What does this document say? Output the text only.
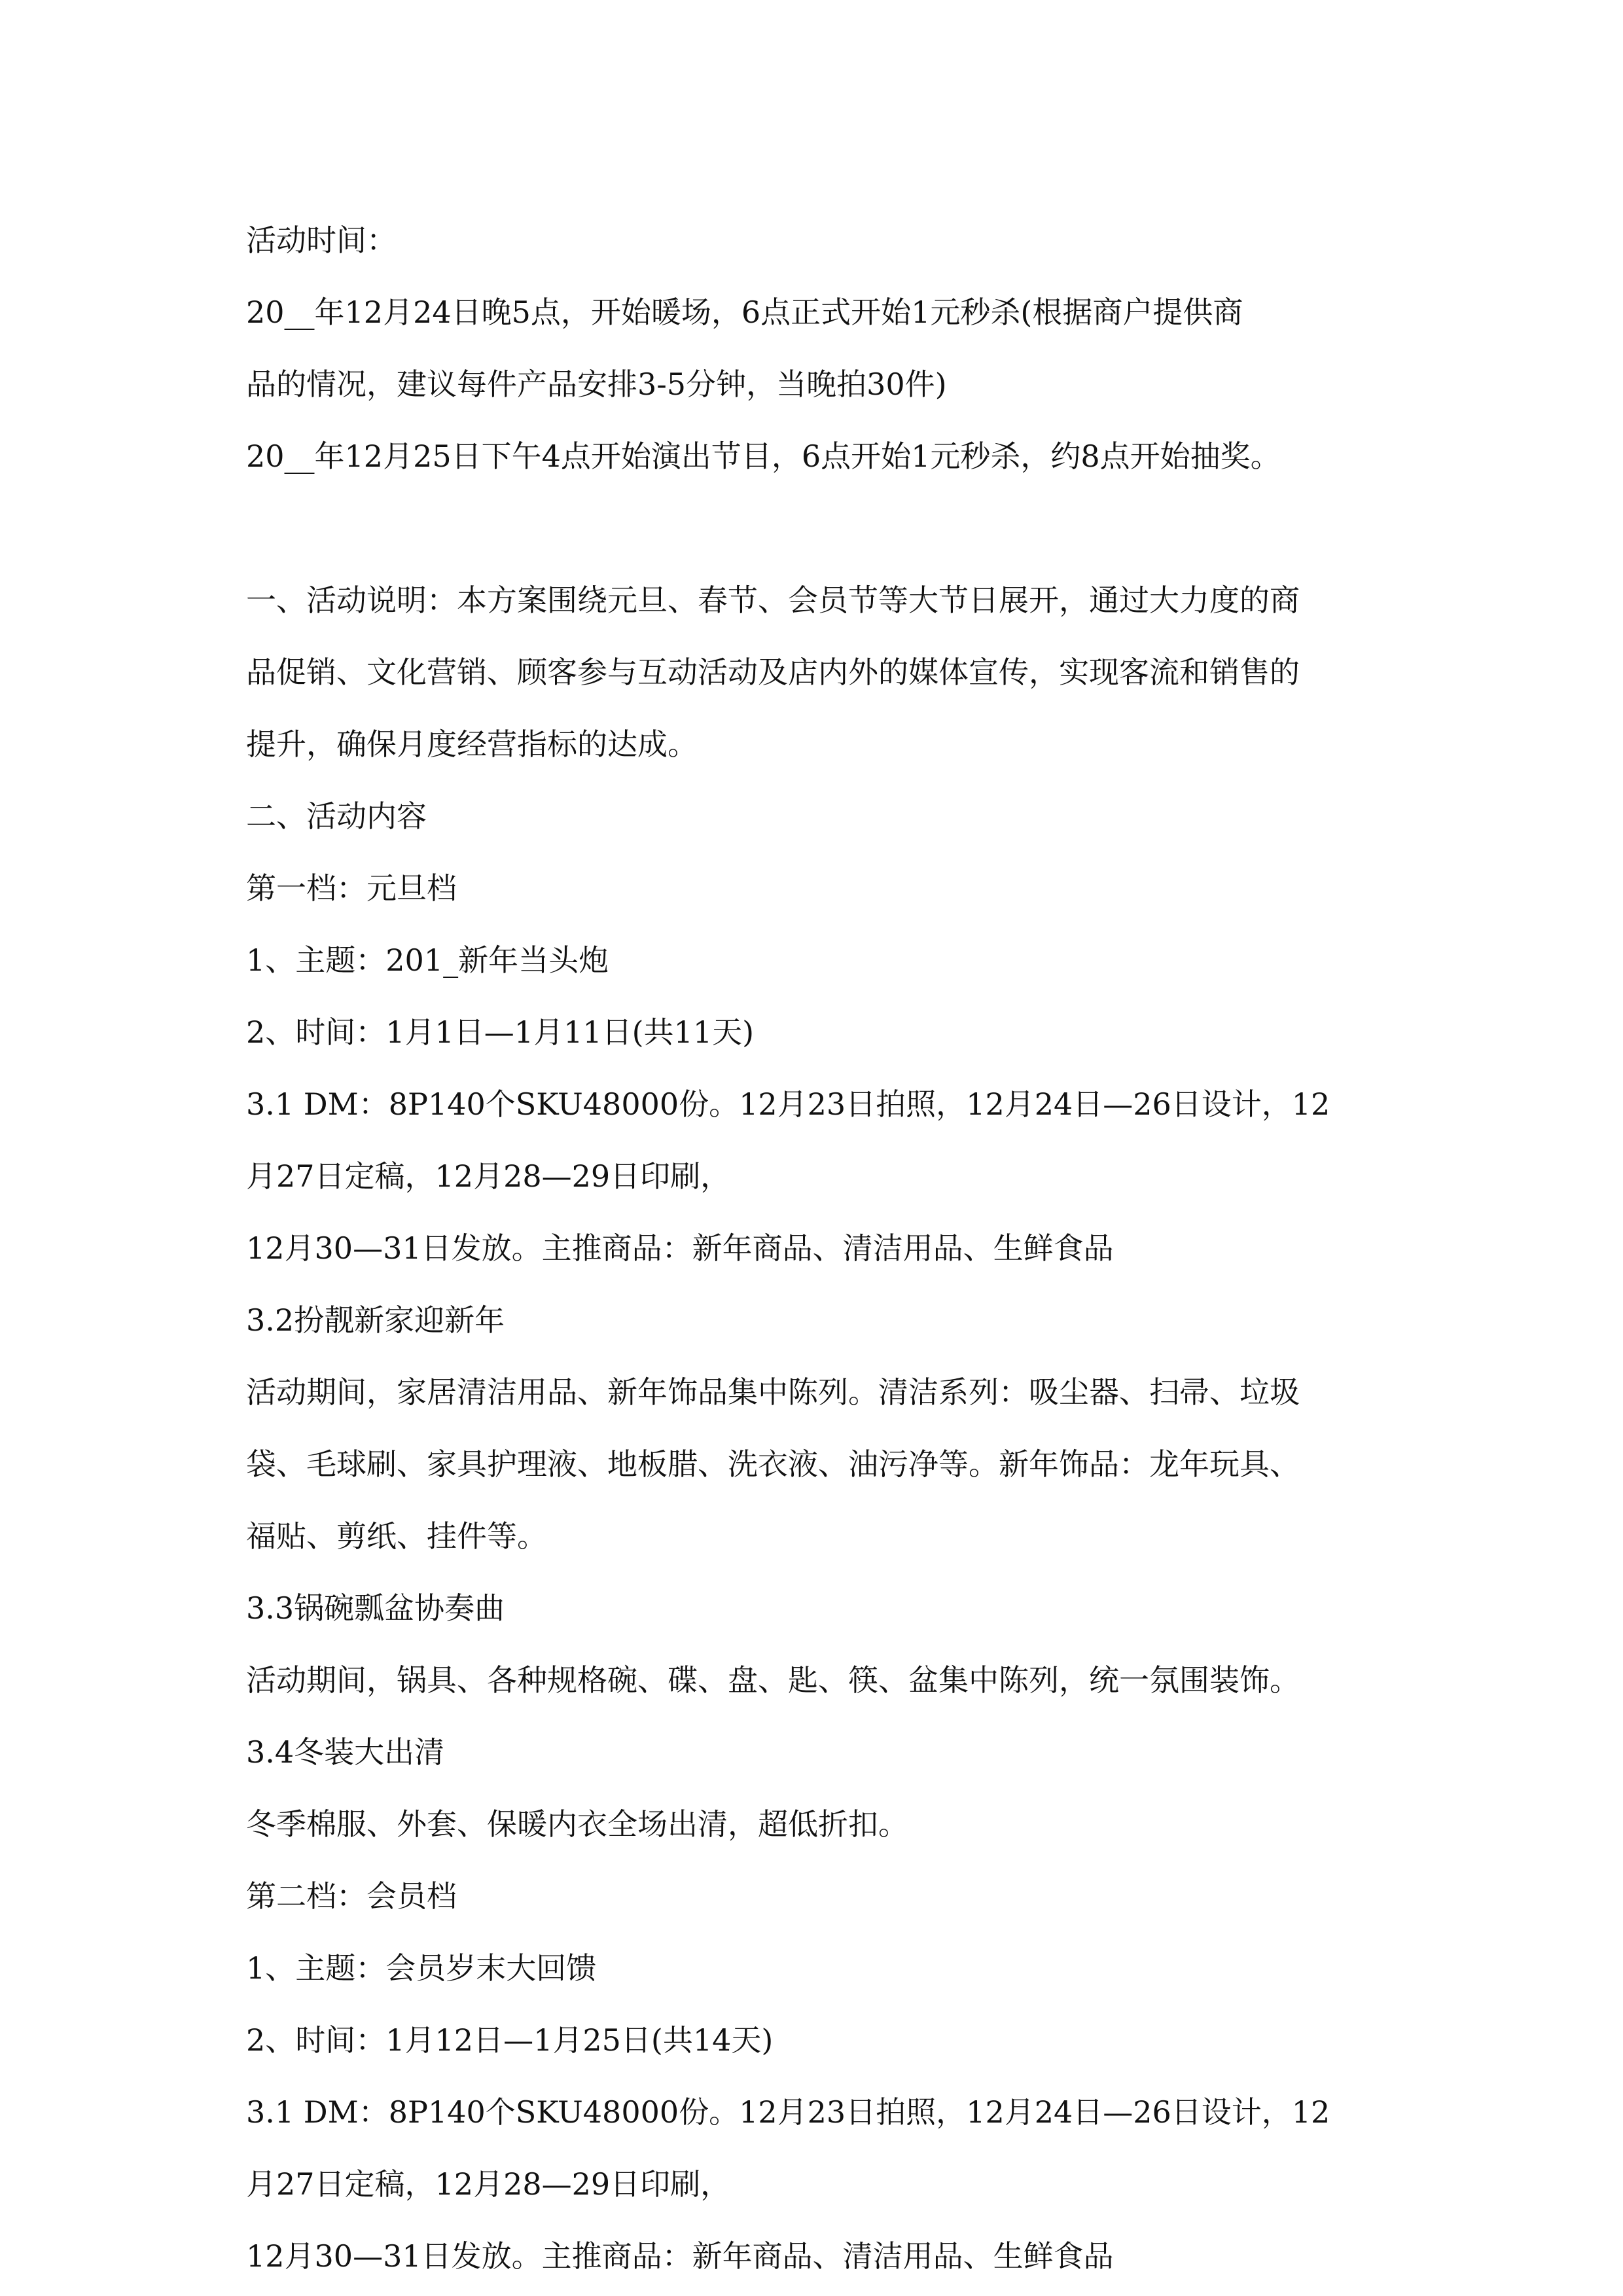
活动时间：

20__年12月24日晚5点，开始暖场，6点正式开始1元秒杀(根据商户提供商

品的情况，建议每件产品安排3-5分钟，当晚拍30件)

20__年12月25日下午4点开始演出节目，6点开始1元秒杀，约8点开始抽奖。

一、活动说明：本方案围绕元旦、春节、会员节等大节日展开，通过大力度的商

品促销、文化营销、顾客参与互动活动及店内外的媒体宣传，实现客流和销售的

提升，确保月度经营指标的达成。

二、活动内容

第一档：元旦档

1、主题：201_新年当头炮

2、时间：1月1日—1月11日(共11天)

3.1 DM：8P140个SKU48000份。12月23日拍照，12月24日—26日设计，12

月27日定稿，12月28—29日印刷，

12月30—31日发放。主推商品：新年商品、清洁用品、生鲜食品

3.2扮靓新家迎新年

活动期间，家居清洁用品、新年饰品集中陈列。清洁系列：吸尘器、扫帚、垃圾

袋、毛球刷、家具护理液、地板腊、洗衣液、油污净等。新年饰品：龙年玩具、

福贴、剪纸、挂件等。

3.3锅碗瓢盆协奏曲

活动期间，锅具、各种规格碗、碟、盘、匙、筷、盆集中陈列，统一氛围装饰。

3.4冬装大出清

冬季棉服、外套、保暖内衣全场出清，超低折扣。

第二档：会员档

1、主题：会员岁末大回馈

2、时间：1月12日—1月25日(共14天)

3.1 DM：8P140个SKU48000份。12月23日拍照，12月24日—26日设计，12

月27日定稿，12月28—29日印刷，

12月30—31日发放。主推商品：新年商品、清洁用品、生鲜食品
